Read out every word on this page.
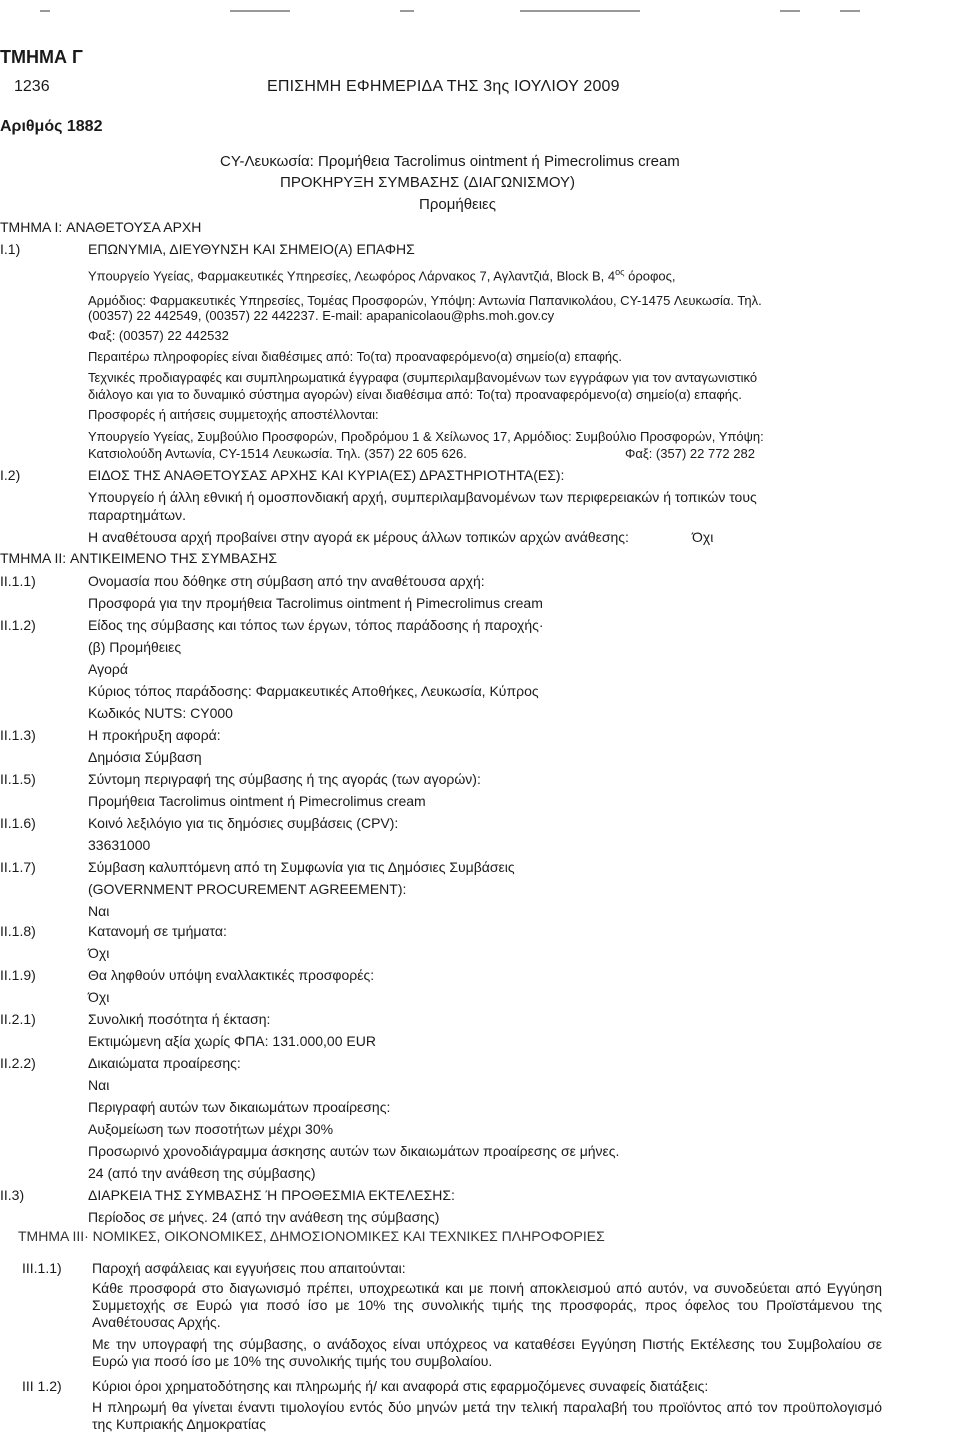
ΤΜΗΜΑ Γ
1236	ΕΠΙΣΗΜΗ ΕΦΗΜΕΡΙΔΑ ΤΗΣ 3ης ΙΟΥΛΙΟΥ 2009
Αριθμός 1882
CY-Λευκωσία: Προμήθεια Tacrolimus ointment ή Pimecrolimus cream
ΠΡΟΚΗΡΥΞΗ ΣΥΜΒΑΣΗΣ (ΔΙΑΓΩΝΙΣΜΟΥ)
Προμήθειες
ΤΜΗΜΑ I: ΑΝΑΘΕΤΟΥΣΑ ΑΡΧΗ
I.1)	ΕΠΩΝΥΜΙΑ, ΔΙΕΥΘΥΝΣΗ ΚΑΙ ΣΗΜΕΙΟ(Α) ΕΠΑΦΗΣ
Υπουργείο Υγείας, Φαρμακευτικές Υπηρεσίες, Λεωφόρος Λάρνακος 7, Αγλαντζιά, Block B, $4^{o\varsigma}$ όροφος,
Αρμόδιος: Φαρμακευτικές Υπηρεσίες, Τομέας Προσφορών, Υπόψη: Αντωνία Παπανικολάου, CY-1475 Λευκωσία. Τηλ.
(00357) 22 442549, (00357) 22 442237. E-mail: apapanicolaou@phs.moh.gov.cy
Φαξ: (00357) 22 442532
Περαιτέρω πληροφορίες είναι διαθέσιμες από: Το(τα) προαναφερόμενο(α) σημείο(α) επαφής.
Τεχνικές προδιαγραφές και συμπληρωματικά έγγραφα (συμπεριλαμβανομένων των εγγράφων για τον ανταγωνιστικό
διάλογο και για το δυναμικό σύστημα αγορών) είναι διαθέσιμα από: Το(τα) προαναφερόμενο(α) σημείο(α) επαφής.
Προσφορές ή αιτήσεις συμμετοχής αποστέλλονται:
Υπουργείο Υγείας, Συμβούλιο Προσφορών, Προδρόμου 1 & Χείλωνος 17, Αρμόδιος: Συμβούλιο Προσφορών, Υπόψη:
Κατσιολούδη Αντωνία, CY-1514 Λευκωσία. Τηλ. (357) 22 605 626.	Φαξ: (357) 22 772 282
I.2)	ΕΙΔΟΣ ΤΗΣ ΑΝΑΘΕΤΟΥΣΑΣ ΑΡΧΗΣ ΚΑΙ ΚΥΡΙΑ(ΕΣ) ΔΡΑΣΤΗΡΙΟΤΗΤΑ(ΕΣ):
Υπουργείο ή άλλη εθνική ή ομοσπονδιακή αρχή, συμπεριλαμβανομένων των περιφερειακών ή τοπικών τους
παραρτημάτων.
Η αναθέτουσα αρχή προβαίνει στην αγορά εκ μέρους άλλων τοπικών αρχών ανάθεσης:	Όχι
ΤΜΗΜΑ II: ΑΝΤΙΚΕΙΜΕΝΟ ΤΗΣ ΣΥΜΒΑΣΗΣ
II.1.1)	Ονομασία που δόθηκε στη σύμβαση από την αναθέτουσα αρχή:
Προσφορά για την προμήθεια Tacrolimus ointment ή Pimecrolimus cream
II.1.2)	Είδος της σύμβασης και τόπος των έργων, τόπος παράδοσης ή παροχής·
(β) Προμήθειες
Αγορά
Κύριος τόπος παράδοσης: Φαρμακευτικές Αποθήκες, Λευκωσία, Κύπρος
Κωδικός NUTS: CY000
II.1.3)	Η προκήρυξη αφορά:
Δημόσια Σύμβαση
II.1.5)	Σύντομη περιγραφή της σύμβασης ή της αγοράς (των αγορών):
Προμήθεια Tacrolimus ointment ή Pimecrolimus cream
II.1.6)	Κοινό λεξιλόγιο για τις δημόσιες συμβάσεις (CPV):
33631000
II.1.7)	Σύμβαση καλυπτόμενη από τη Συμφωνία για τις Δημόσιες Συμβάσεις
(GOVERNMENT PROCUREMENT AGREEMENT):
Ναι
II.1.8)	Κατανομή σε τμήματα:
Όχι
II.1.9)	Θα ληφθούν υπόψη εναλλακτικές προσφορές:
Όχι
II.2.1)	Συνολική ποσότητα ή έκταση:
Εκτιμώμενη αξία χωρίς ΦΠΑ: 131.000,00 EUR
II.2.2)	Δικαιώματα προαίρεσης:
Ναι
Περιγραφή αυτών των δικαιωμάτων προαίρεσης:
Αυξομείωση των ποσοτήτων μέχρι 30%
Προσωρινό χρονοδιάγραμμα άσκησης αυτών των δικαιωμάτων προαίρεσης σε μήνες.
24 (από την ανάθεση της σύμβασης)
II.3)	ΔΙΑΡΚΕΙΑ ΤΗΣ ΣΥΜΒΑΣΗΣ Ή ΠΡΟΘΕΣΜΙΑ ΕΚΤΕΛΕΣΗΣ:
Περίοδος σε μήνες. 24 (από την ανάθεση της σύμβασης)
ΤΜΗΜΑ III· ΝΟΜΙΚΕΣ, ΟΙΚΟΝΟΜΙΚΕΣ, ΔΗΜΟΣΙΟΝΟΜΙΚΕΣ ΚΑΙ ΤΕΧΝΙΚΕΣ ΠΛΗΡΟΦΟΡΙΕΣ
III.1.1) Παροχή ασφάλειας και εγγυήσεις που απαιτούνται:
Κάθε προσφορά στο διαγωνισμό πρέπει, υποχρεωτικά και με ποινή αποκλεισμού από αυτόν, να συνοδεύεται από Εγγύηση Συμμετοχής σε Ευρώ για ποσό ίσο με 10% της συνολικής τιμής της προσφοράς, προς όφελος του Προϊστάμενου της Αναθέτουσας Αρχής.
Με την υπογραφή της σύμβασης, ο ανάδοχος είναι υπόχρεος να καταθέσει Εγγύηση Πιστής Εκτέλεσης του Συμβολαίου σε Ευρώ για ποσό ίσο με 10% της συνολικής τιμής του συμβολαίου.
III 1.2) Κύριοι όροι χρηματοδότησης και πληρωμής ή/ και αναφορά στις εφαρμοζόμενες συναφείς διατάξεις:
Η πληρωμή θα γίνεται έναντι τιμολογίου εντός δύο μηνών μετά την τελική παραλαβή του προϊόντος από τον προϋπολογισμό της Κυπριακής Δημοκρατίας
